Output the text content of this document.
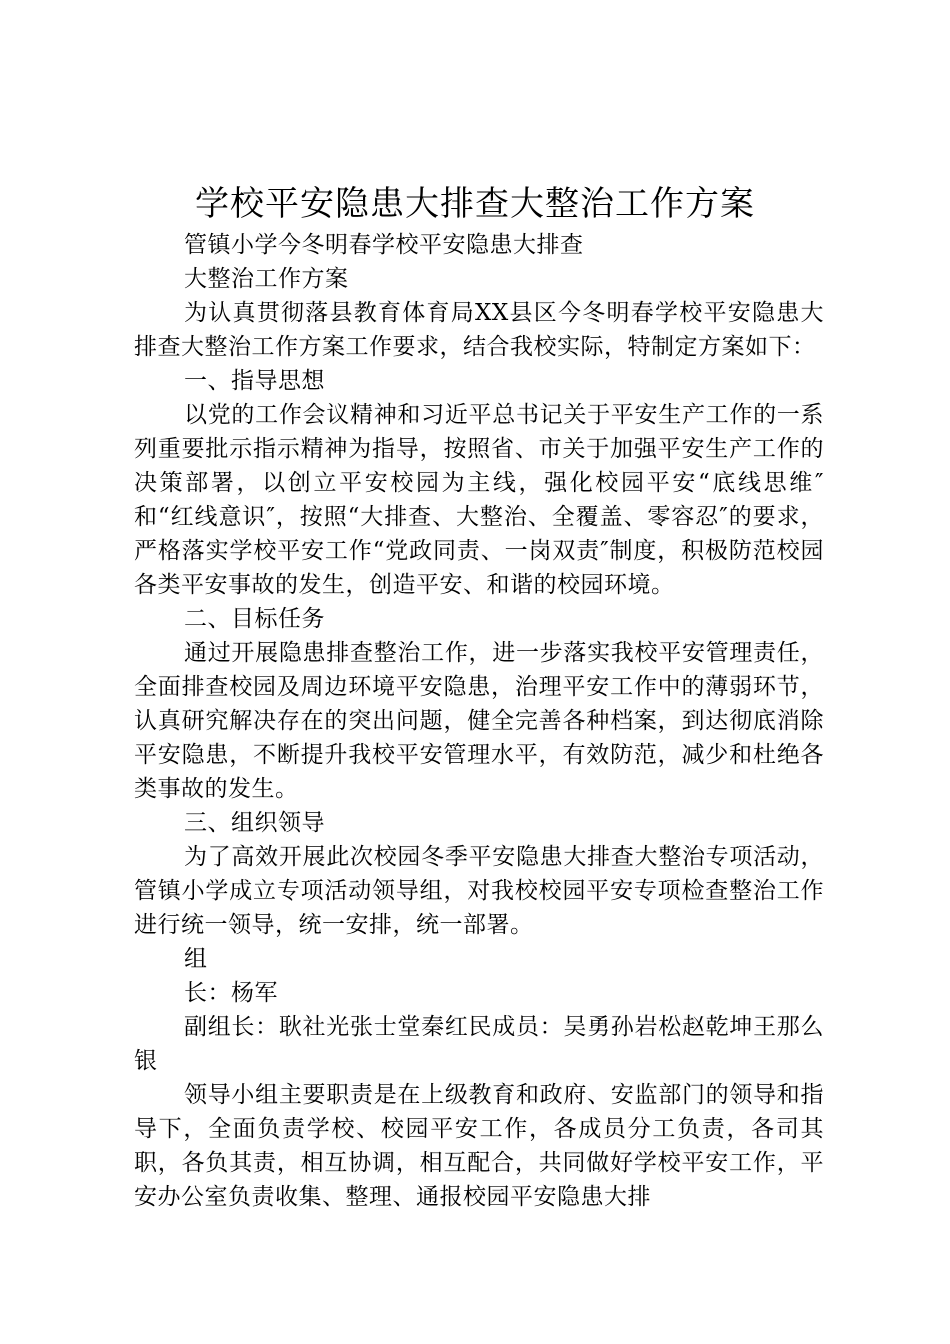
学校平安隐患大排查大整治工作方案

管镇小学今冬明春学校平安隐患大排查

大整治工作方案

为认真贯彻落县教育体育局XX县区今冬明春学校平安隐患大排查大整治工作方案工作要求，结合我校实际，特制定方案如下：

一、指导思想

以党的工作会议精神和习近平总书记关于平安生产工作的一系列重要批示指示精神为指导，按照省、市关于加强平安生产工作的决策部署，以创立平安校园为主线，强化校园平安“底线思维″和“红线意识″，按照“大排查、大整治、全覆盖、零容忍″的要求，严格落实学校平安工作“党政同责、一岗双责″制度，积极防范校园各类平安事故的发生，创造平安、和谐的校园环境。

二、目标任务

通过开展隐患排查整治工作，进一步落实我校平安管理责任，全面排查校园及周边环境平安隐患，治理平安工作中的薄弱环节，认真研究解决存在的突出问题，健全完善各种档案，到达彻底消除平安隐患，不断提升我校平安管理水平，有效防范，减少和杜绝各类事故的发生。

三、组织领导

为了高效开展此次校园冬季平安隐患大排查大整治专项活动，管镇小学成立专项活动领导组，对我校校园平安专项检查整治工作进行统一领导，统一安排，统一部署。

组

长：杨军

副组长：耿社光张士堂秦红民成员：吴勇孙岩松赵乾坤王那么银

领导小组主要职责是在上级教育和政府、安监部门的领导和指导下，全面负责学校、校园平安工作，各成员分工负责，各司其职，各负其责，相互协调，相互配合，共同做好学校平安工作，平安办公室负责收集、整理、通报校园平安隐患大排
